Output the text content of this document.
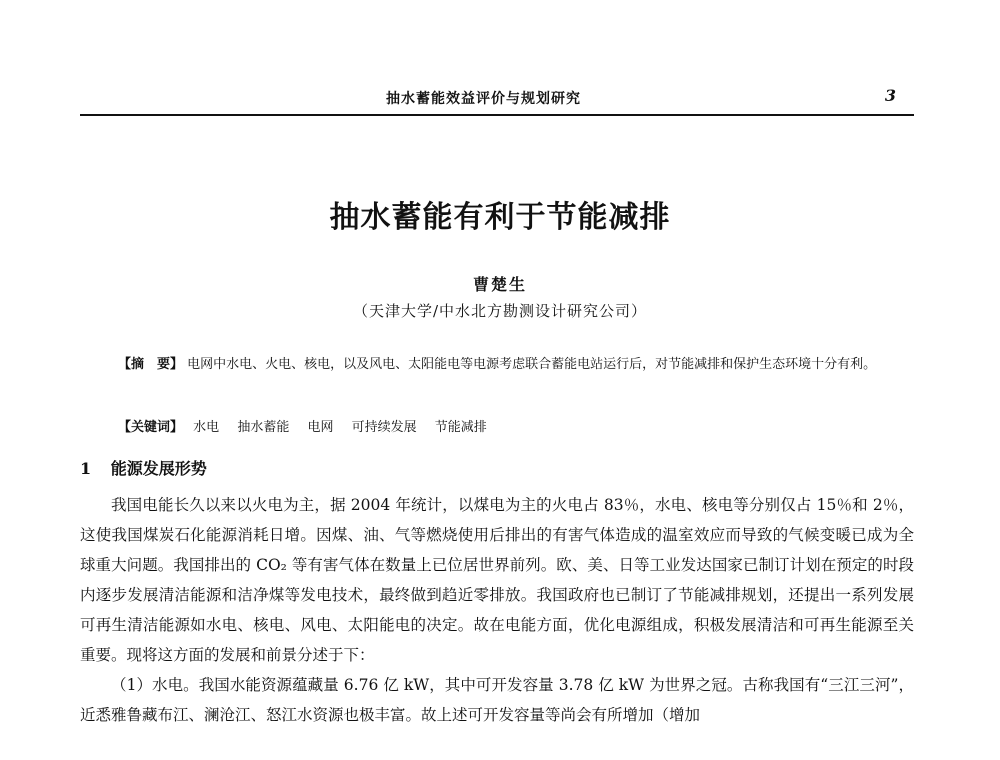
抽水蓄能效益评价与规划研究	3
抽水蓄能有利于节能减排
曹楚生
（天津大学/中水北方勘测设计研究公司）
【摘　要】 电网中水电、火电、核电，以及风电、太阳能电等电源考虑联合蓄能电站运行后，对节能减排和保护生态环境十分有利。
【关键词】 水电 抽水蓄能 电网 可持续发展 节能减排
1 能源发展形势

我国电能长久以来以火电为主，据 2004 年统计，以煤电为主的火电占 83％，水电、核电等分别仅占 15％和 2％，这使我国煤炭石化能源消耗日增。因煤、油、气等燃烧使用后排出的有害气体造成的温室效应而导致的气候变暖已成为全球重大问题。我国排出的 CO₂ 等有害气体在数量上已位居世界前列。欧、美、日等工业发达国家已制订计划在预定的时段内逐步发展清洁能源和洁净煤等发电技术，最终做到趋近零排放。我国政府也已制订了节能减排规划，还提出一系列发展可再生清洁能源如水电、核电、风电、太阳能电的决定。故在电能方面，优化电源组成，积极发展清洁和可再生能源至关重要。现将这方面的发展和前景分述于下：

（1）水电。我国水能资源蕴藏量 6.76 亿 kW，其中可开发容量 3.78 亿 kW 为世界之冠。古称我国有“三江三河”，近悉雅鲁藏布江、澜沧江、怒江水资源也极丰富。故上述可开发容量等尚会有所增加（增加
